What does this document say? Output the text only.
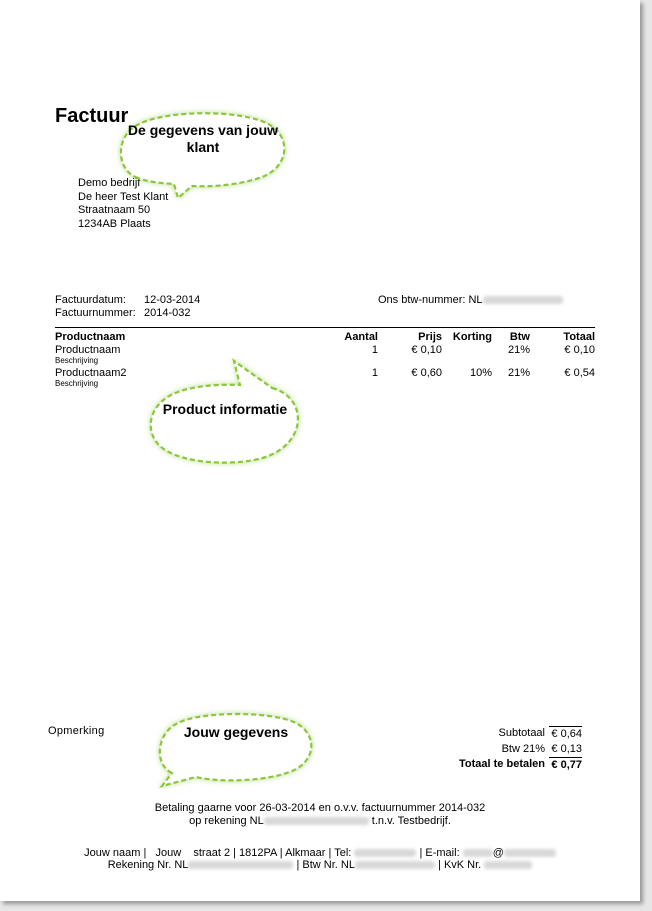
Factuur
Demo bedrijf
De heer Test Klant
Straatnaam 50
1234AB Plaats
Factuurdatum: 12-03-2014
Factuurnummer: 2014-032
Ons btw-nummer: NL
Productnaam	Aantal	Prijs	Korting	Btw	Totaal
Productnaam	1	€ 0,10		21%	€ 0,10
Beschrijving					
Productnaam2	1	€ 0,60	10%	21%	€ 0,54
Beschrijving					
Opmerking	Subtotaal € 0,64
Btw 21% € 0,13
Totaal te betalen € 0,77
Betaling gaarne voor 26-03-2014 en o.v.v. factuurnummer 2014-032
op rekening NL	t.n.v. Testbedrijf.
Jouw naam |   Jouw    straat 2 | 1812PA | Alkmaar | Tel:	| E-mail:	@
Rekening Nr. NL	| Btw Nr. NL	| KvK Nr.
De gegevens van jouw klant
Product informatie
Jouw gegevens
